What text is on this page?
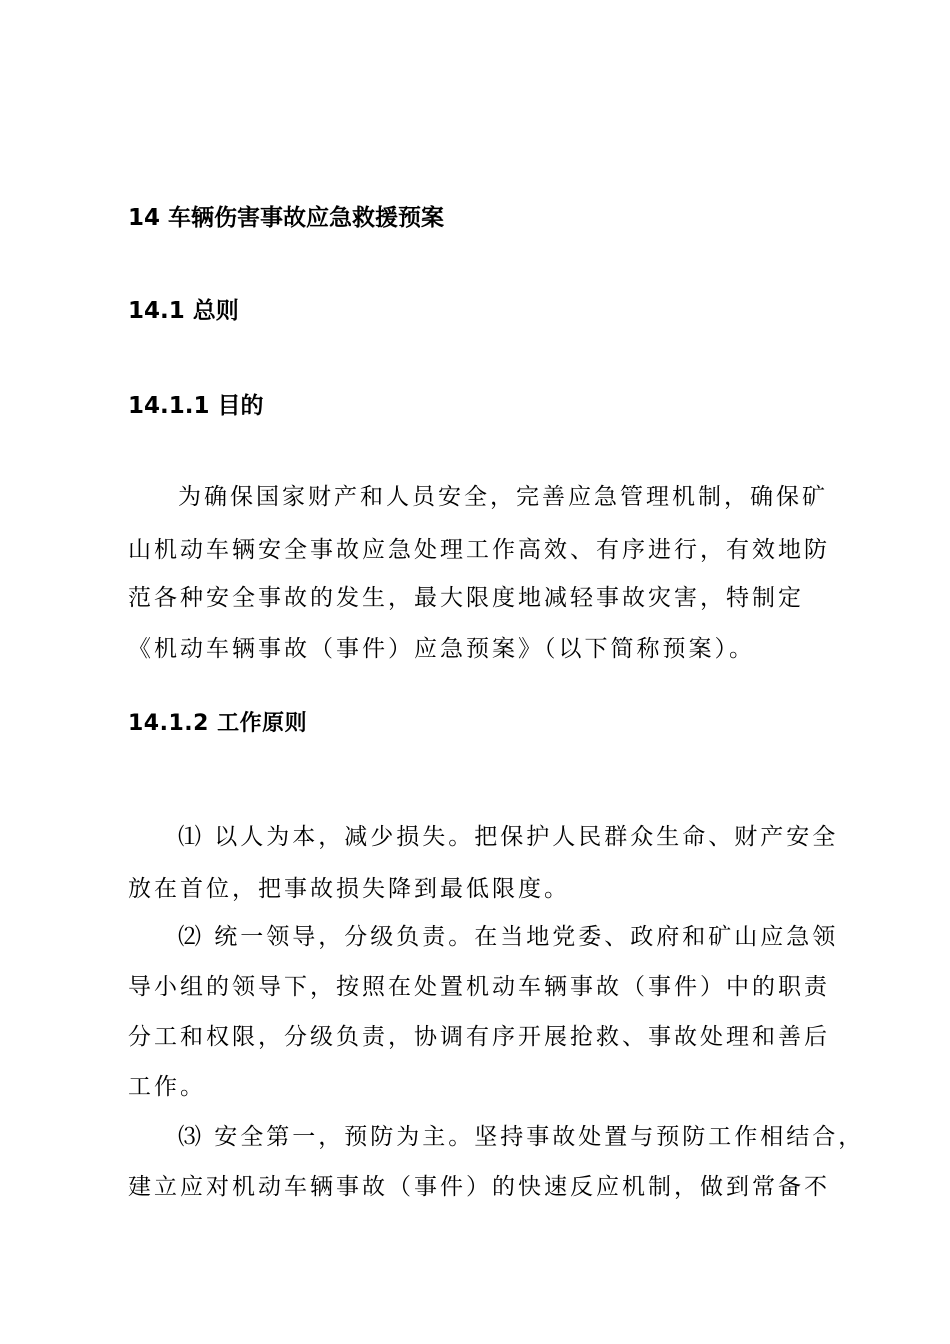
14 车辆伤害事故应急救援预案
14.1 总则
14.1.1 目的

为确保国家财产和人员安全，完善应急管理机制，确保矿

山机动车辆安全事故应急处理工作高效、有序进行，有效地防

范各种安全事故的发生，最大限度地减轻事故灾害，特制定

《机动车辆事故（事件）应急预案》（以下简称预案）。

14.1.2 工作原则

⑴ 以人为本，减少损失。把保护人民群众生命、财产安全

放在首位，把事故损失降到最低限度。

⑵ 统一领导，分级负责。在当地党委、政府和矿山应急领

导小组的领导下，按照在处置机动车辆事故（事件）中的职责

分工和权限，分级负责，协调有序开展抢救、事故处理和善后

工作。

⑶ 安全第一，预防为主。坚持事故处置与预防工作相结合，

建立应对机动车辆事故（事件）的快速反应机制，做到常备不
